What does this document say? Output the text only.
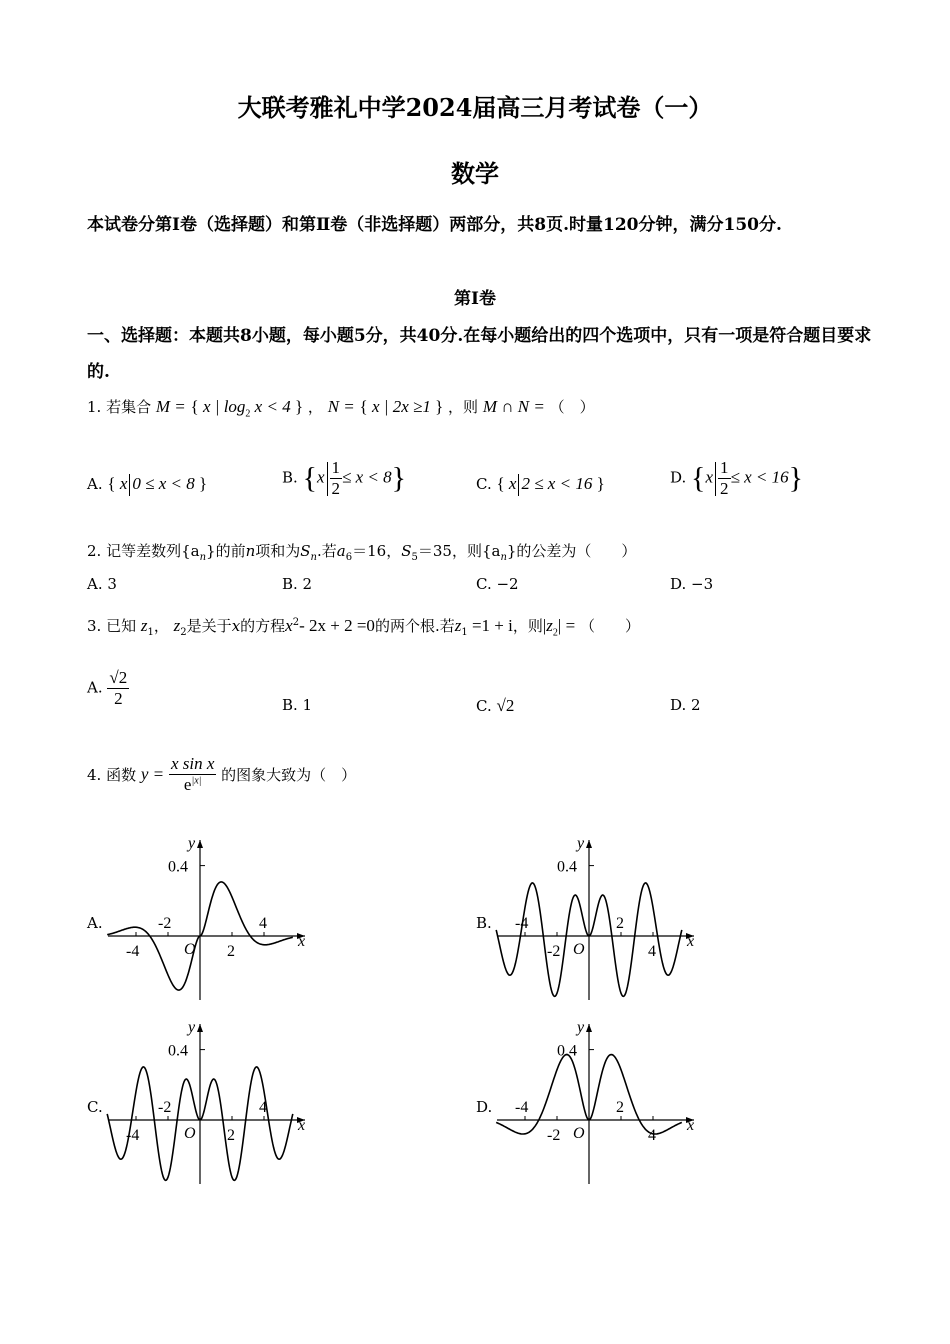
大联考雅礼中学2024届高三月考试卷（一）
数学
本试卷分第Ⅰ卷（选择题）和第Ⅱ卷（非选择题）两部分，共8页.时量120分钟，满分150分.
第Ⅰ卷
一、选择题：本题共8小题，每小题5分，共40分.在每小题给出的四个选项中，只有一项是符合题目要求的.
1. 若集合 M = { x | $\log_2 x < 4$ } ， N = { x | 2x ≥1 } ，则 M ∩ N = （　）
A. { x 0 ≤ x < 8 }	B. $\{x \frac{1}{2} \le x < 8\}$	C. { x 2 ≤ x < 16 }	D. $\{x \frac{1}{2} \le x < 16\}$
2. 记等差数列$\{a_n\}$的前n项和为$S_n$.若$a_6=16$，$S_5=35$，则$\{a_n\}$的公差为（　　）
A. 3	B. 2	C. −2	D. −3
3. 已知 $z_1$， $z_2$是关于x的方程$x^2-$ 2x + 2 =0的两个根.若$z_1 =1 + i$，则$|z_2|$ = （　　）
A. $\frac{√2}{2}$	B. 1	C. √2	D. 2
4. 函数 $y = \frac{\text{x sin x}}{e^{|x|}}$ 的图象大致为（　）
A.	B.
C.	D.
y
x
O
0.4
-4
-2
2
4
y
x
O
0.4
-4
-2
2
4
y
x
O
0.4
-4
-2
2
4
y
x
O
0.4
-4
-2
2
4
